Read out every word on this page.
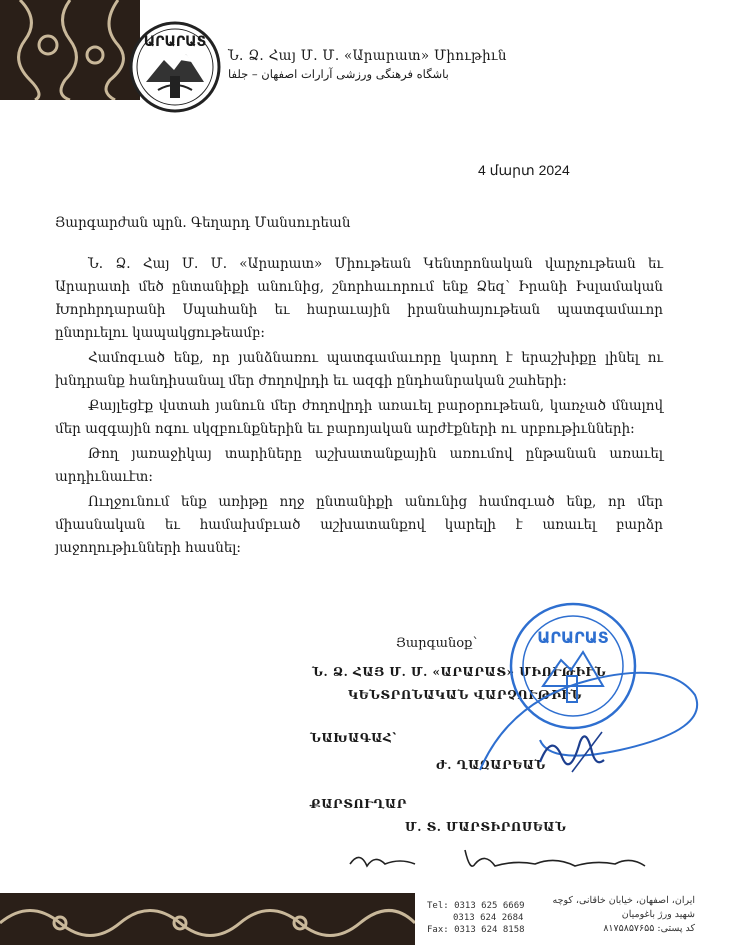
ԱՐԱՐԱՏ
Ն. Ձ. Հայ Մ. Մ. «Արարատ» Միութիւն
باشگاه فرهنگی ورزشی آرارات اصفهان – جلفا
4 մարտ 2024
Յարգարժան պրն. Գեղարդ Մանսուրեան

Ն. Ձ. Հայ Մ. Մ. «Արարատ» Միութեան Կենտրոնական վարչութեան եւ Արարատի մեծ ընտանիքի անունից, շնորհաւորում ենք Ձեզ՝ Իրանի Իսլամական Խորհրդարանի Սպահանի եւ հարաւային իրանահայութեան պատգամաւոր ընտրւելու կապակցութեամբ:

Համոզւած ենք, որ յանձնառու պատգամաւորը կարող է երաշխիքը լինել ու խնդրանք հանդիսանալ մեր ժողովրդի եւ ազգի ընդհանրական շահերի:

Քայլեցէք վստահ յանուն մեր ժողովրդի առաւել բարօրութեան, կառչած մնալով մեր ազգային ոգու սկզբունքներին եւ բարոյական արժէքների ու սրբութիւնների:

Թող յառաջիկայ տարիները աշխատանքային առումով ընթանան առաւել արդիւնաւէտ:

Ուղջունում ենք առիթը ողջ ընտանիքի անունից համոզւած ենք, որ մեր միասնական եւ համախմբւած աշխատանքով կարելի է առաւել բարձր յաջողութիւնների հասնել:

Յարգանօք՝
Ն. Ձ. ՀԱՅ Մ. Մ. «ԱՐԱՐԱՏ» ՄԻՈՒԹԻՒՆ
ԿԵՆՏՐՈՆԱԿԱՆ ՎԱՐՉՈՒԹԻՒՆ
ՆԱԽԱԳԱՀ՝
Ժ. ՂԱԶԱՐԵԱՆ
ՔԱՐՏՈՒՂԱՐ
Մ. Տ. ՄԱՐՏԻՐՈՍԵԱՆ
ԱՐԱՐԱՏ
Tel: 0313 625 6669
0313 624 2684
Fax: 0313 624 8158
ایران، اصفهان، خیابان خاقانی، کوچه شهید ورژ باغومیان
کد پستی: ۸۱۷۵۸۵۷۶۵۵
